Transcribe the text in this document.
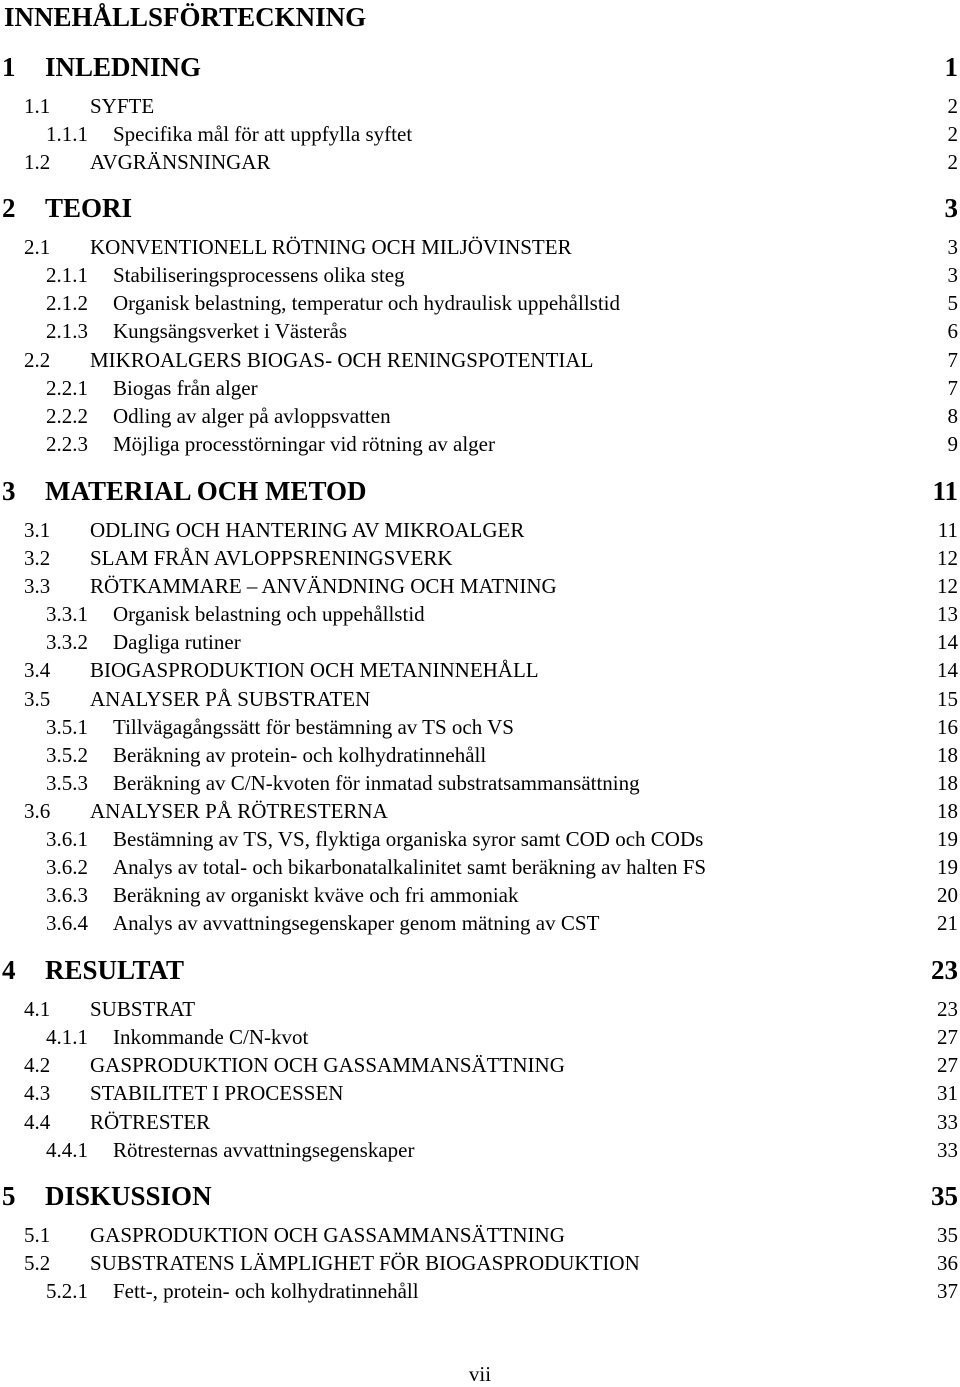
INNEHÅLLSFÖRTECKNING
1 INLEDNING	1
1.1 SYFTE	2
1.1.1 Specifika mål för att uppfylla syftet	2
1.2 AVGRÄNSNINGAR	2
2 TEORI	3
2.1 KONVENTIONELL RÖTNING OCH MILJÖVINSTER	3
2.1.1 Stabiliseringsprocessens olika steg	3
2.1.2 Organisk belastning, temperatur och hydraulisk uppehållstid	5
2.1.3 Kungsängsverket i Västerås	6
2.2 MIKROALGERS BIOGAS- OCH RENINGSPOTENTIAL	7
2.2.1 Biogas från alger	7
2.2.2 Odling av alger på avloppsvatten	8
2.2.3 Möjliga processtörningar vid rötning av alger	9
3 MATERIAL OCH METOD	11
3.1 ODLING OCH HANTERING AV MIKROALGER	11
3.2 SLAM FRÅN AVLOPPSRENINGSVERK	12
3.3 RÖTKAMMARE – ANVÄNDNING OCH MATNING	12
3.3.1 Organisk belastning och uppehållstid	13
3.3.2 Dagliga rutiner	14
3.4 BIOGASPRODUKTION OCH METANINNEHÅLL	14
3.5 ANALYSER PÅ SUBSTRATEN	15
3.5.1 Tillvägagångssätt för bestämning av TS och VS	16
3.5.2 Beräkning av protein- och kolhydratinnehåll	18
3.5.3 Beräkning av C/N-kvoten för inmatad substratsammansättning	18
3.6 ANALYSER PÅ RÖTRESTERNA	18
3.6.1 Bestämning av TS, VS, flyktiga organiska syror samt COD och CODs	19
3.6.2 Analys av total- och bikarbonatalkalinitet samt beräkning av halten FS	19
3.6.3 Beräkning av organiskt kväve och fri ammoniak	20
3.6.4 Analys av avvattningsegenskaper genom mätning av CST	21
4 RESULTAT	23
4.1 SUBSTRAT	23
4.1.1 Inkommande C/N-kvot	27
4.2 GASPRODUKTION OCH GASSAMMANSÄTTNING	27
4.3 STABILITET I PROCESSEN	31
4.4 RÖTRESTER	33
4.4.1 Rötresternas avvattningsegenskaper	33
5 DISKUSSION	35
5.1 GASPRODUKTION OCH GASSAMMANSÄTTNING	35
5.2 SUBSTRATENS LÄMPLIGHET FÖR BIOGASPRODUKTION	36
5.2.1 Fett-, protein- och kolhydratinnehåll	37
vii
